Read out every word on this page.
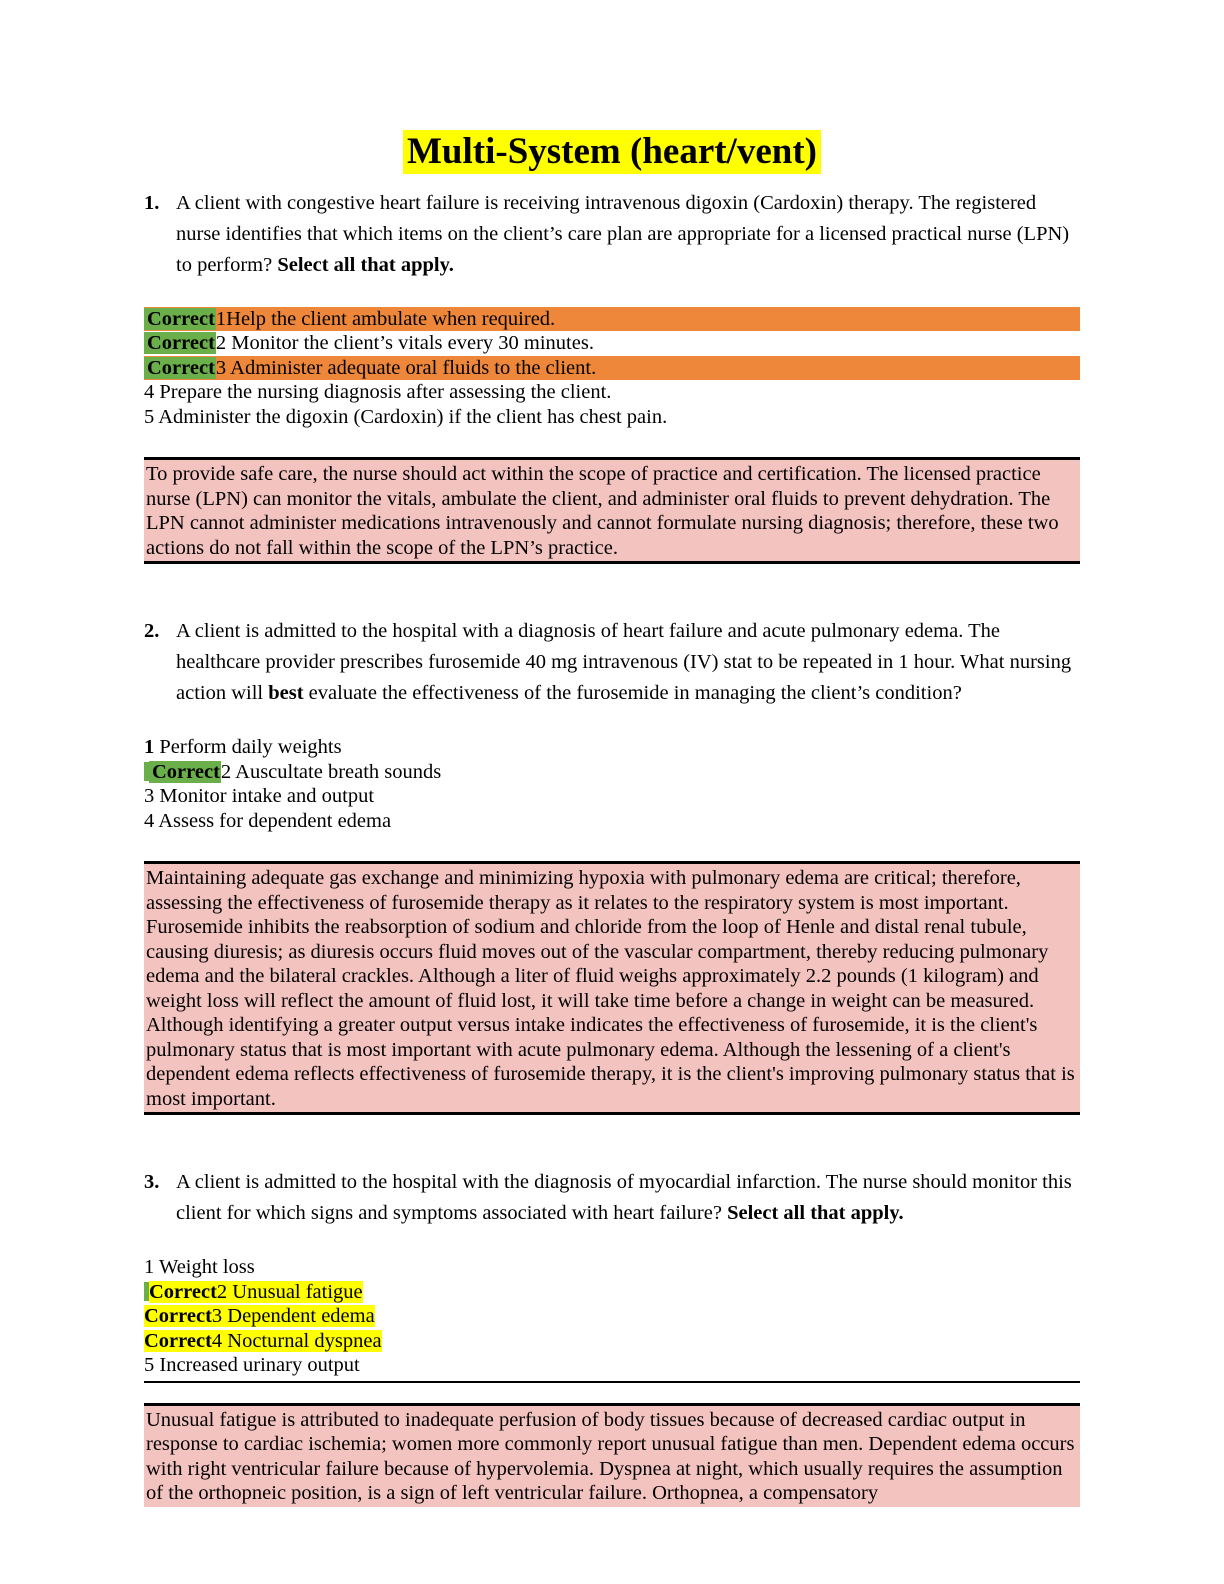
Multi-System (heart/vent)
1. A client with congestive heart failure is receiving intravenous digoxin (Cardoxin) therapy. The registered nurse identifies that which items on the client’s care plan are appropriate for a licensed practical nurse (LPN) to perform? Select all that apply.
Correct1Help the client ambulate when required.
Correct2 Monitor the client’s vitals every 30 minutes.
Correct3 Administer adequate oral fluids to the client.
4 Prepare the nursing diagnosis after assessing the client.
5 Administer the digoxin (Cardoxin) if the client has chest pain.
To provide safe care, the nurse should act within the scope of practice and certification. The licensed practice nurse (LPN) can monitor the vitals, ambulate the client, and administer oral fluids to prevent dehydration. The LPN cannot administer medications intravenously and cannot formulate nursing diagnosis; therefore, these two actions do not fall within the scope of the LPN’s practice.
2. A client is admitted to the hospital with a diagnosis of heart failure and acute pulmonary edema. The healthcare provider prescribes furosemide 40 mg intravenous (IV) stat to be repeated in 1 hour. What nursing action will best evaluate the effectiveness of the furosemide in managing the client’s condition?
1 Perform daily weights
Correct2 Auscultate breath sounds
3 Monitor intake and output
4 Assess for dependent edema
Maintaining adequate gas exchange and minimizing hypoxia with pulmonary edema are critical; therefore, assessing the effectiveness of furosemide therapy as it relates to the respiratory system is most important. Furosemide inhibits the reabsorption of sodium and chloride from the loop of Henle and distal renal tubule, causing diuresis; as diuresis occurs fluid moves out of the vascular compartment, thereby reducing pulmonary edema and the bilateral crackles. Although a liter of fluid weighs approximately 2.2 pounds (1 kilogram) and weight loss will reflect the amount of fluid lost, it will take time before a change in weight can be measured. Although identifying a greater output versus intake indicates the effectiveness of furosemide, it is the client's pulmonary status that is most important with acute pulmonary edema. Although the lessening of a client's dependent edema reflects effectiveness of furosemide therapy, it is the client's improving pulmonary status that is most important.
3. A client is admitted to the hospital with the diagnosis of myocardial infarction. The nurse should monitor this client for which signs and symptoms associated with heart failure? Select all that apply.
1 Weight loss
Correct2 Unusual fatigue
Correct3 Dependent edema
Correct4 Nocturnal dyspnea
5 Increased urinary output
Unusual fatigue is attributed to inadequate perfusion of body tissues because of decreased cardiac output in response to cardiac ischemia; women more commonly report unusual fatigue than men. Dependent edema occurs with right ventricular failure because of hypervolemia. Dyspnea at night, which usually requires the assumption of the orthopneic position, is a sign of left ventricular failure. Orthopnea, a compensatory
